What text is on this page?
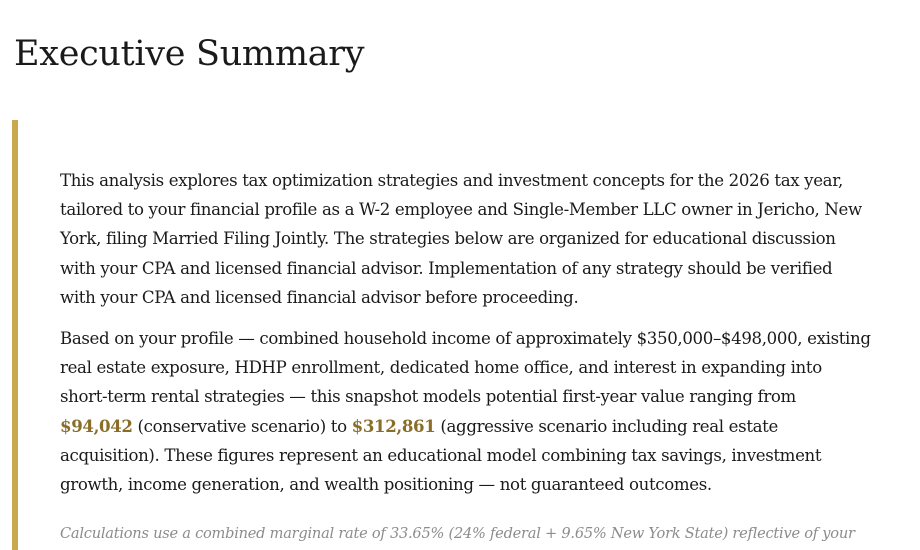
Executive Summary

This analysis explores tax optimization strategies and investment concepts for the 2026 tax year, tailored to your financial profile as a W-2 employee and Single-Member LLC owner in Jericho, New York, filing Married Filing Jointly. The strategies below are organized for educational discussion with your CPA and licensed financial advisor. Implementation of any strategy should be verified with your CPA and licensed financial advisor before proceeding.

Based on your profile — combined household income of approximately $350,000–$498,000, existing real estate exposure, HDHP enrollment, dedicated home office, and interest in expanding into short-term rental strategies — this snapshot models potential first-year value ranging from $94,042 (conservative scenario) to $312,861 (aggressive scenario including real estate acquisition). These figures represent an educational model combining tax savings, investment growth, income generation, and wealth positioning — not guaranteed outcomes.

Calculations use a combined marginal rate of 33.65% (24% federal + 9.65% New York State) reflective of your
